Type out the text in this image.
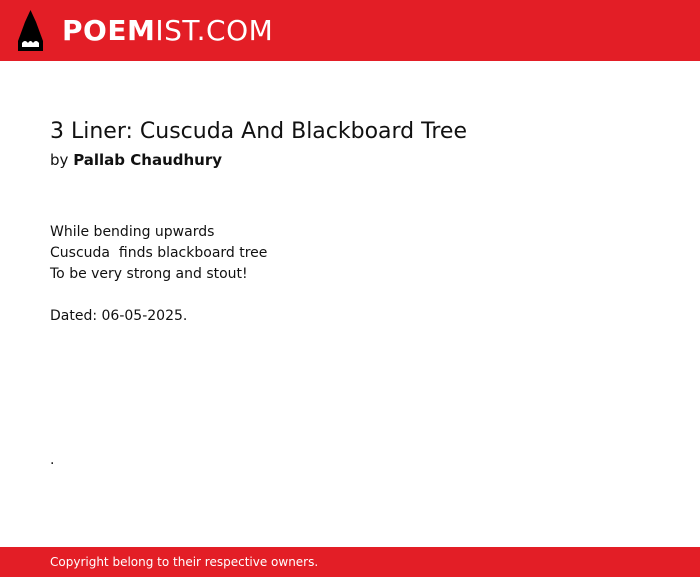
POEMIST.COM
3 Liner: Cuscuda And Blackboard Tree
by Pallab Chaudhury
While bending upwards
Cuscuda  finds blackboard tree
To be very strong and stout!
Dated: 06-05-2025.
.
Copyright belong to their respective owners.
